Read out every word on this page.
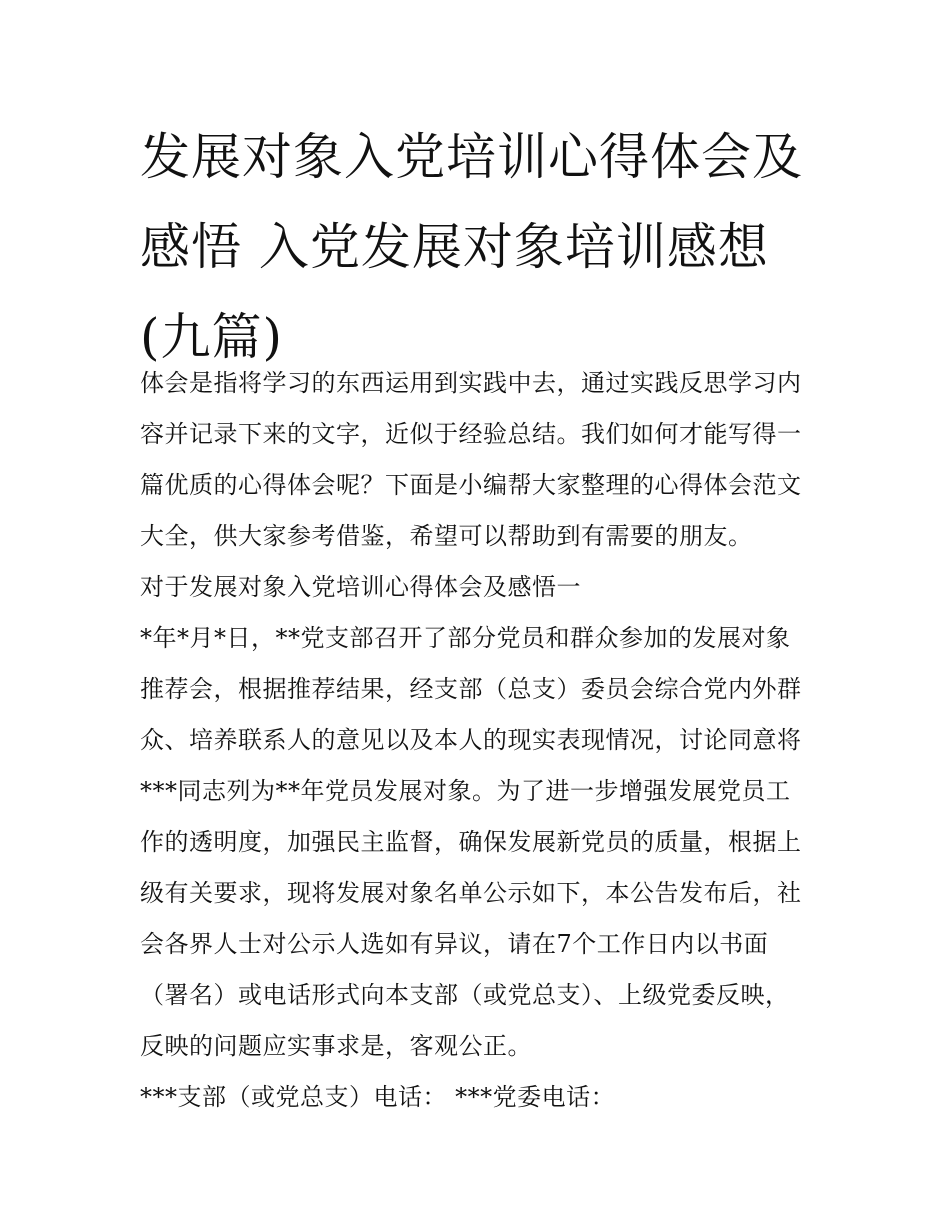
发展对象入党培训心得体会及
感悟 入党发展对象培训感想
(九篇)
体会是指将学习的东西运用到实践中去，通过实践反思学习内
容并记录下来的文字，近似于经验总结。我们如何才能写得一
篇优质的心得体会呢？下面是小编帮大家整理的心得体会范文
大全，供大家参考借鉴，希望可以帮助到有需要的朋友。
对于发展对象入党培训心得体会及感悟一
*年*月*日，**党支部召开了部分党员和群众参加的发展对象
推荐会，根据推荐结果，经支部（总支）委员会综合党内外群
众、培养联系人的意见以及本人的现实表现情况，讨论同意将
***同志列为**年党员发展对象。为了进一步增强发展党员工
作的透明度，加强民主监督，确保发展新党员的质量，根据上
级有关要求，现将发展对象名单公示如下，本公告发布后，社
会各界人士对公示人选如有异议，请在7个工作日内以书面
（署名）或电话形式向本支部（或党总支）、上级党委反映，
反映的问题应实事求是，客观公正。
***支部（或党总支）电话： ***党委电话：
